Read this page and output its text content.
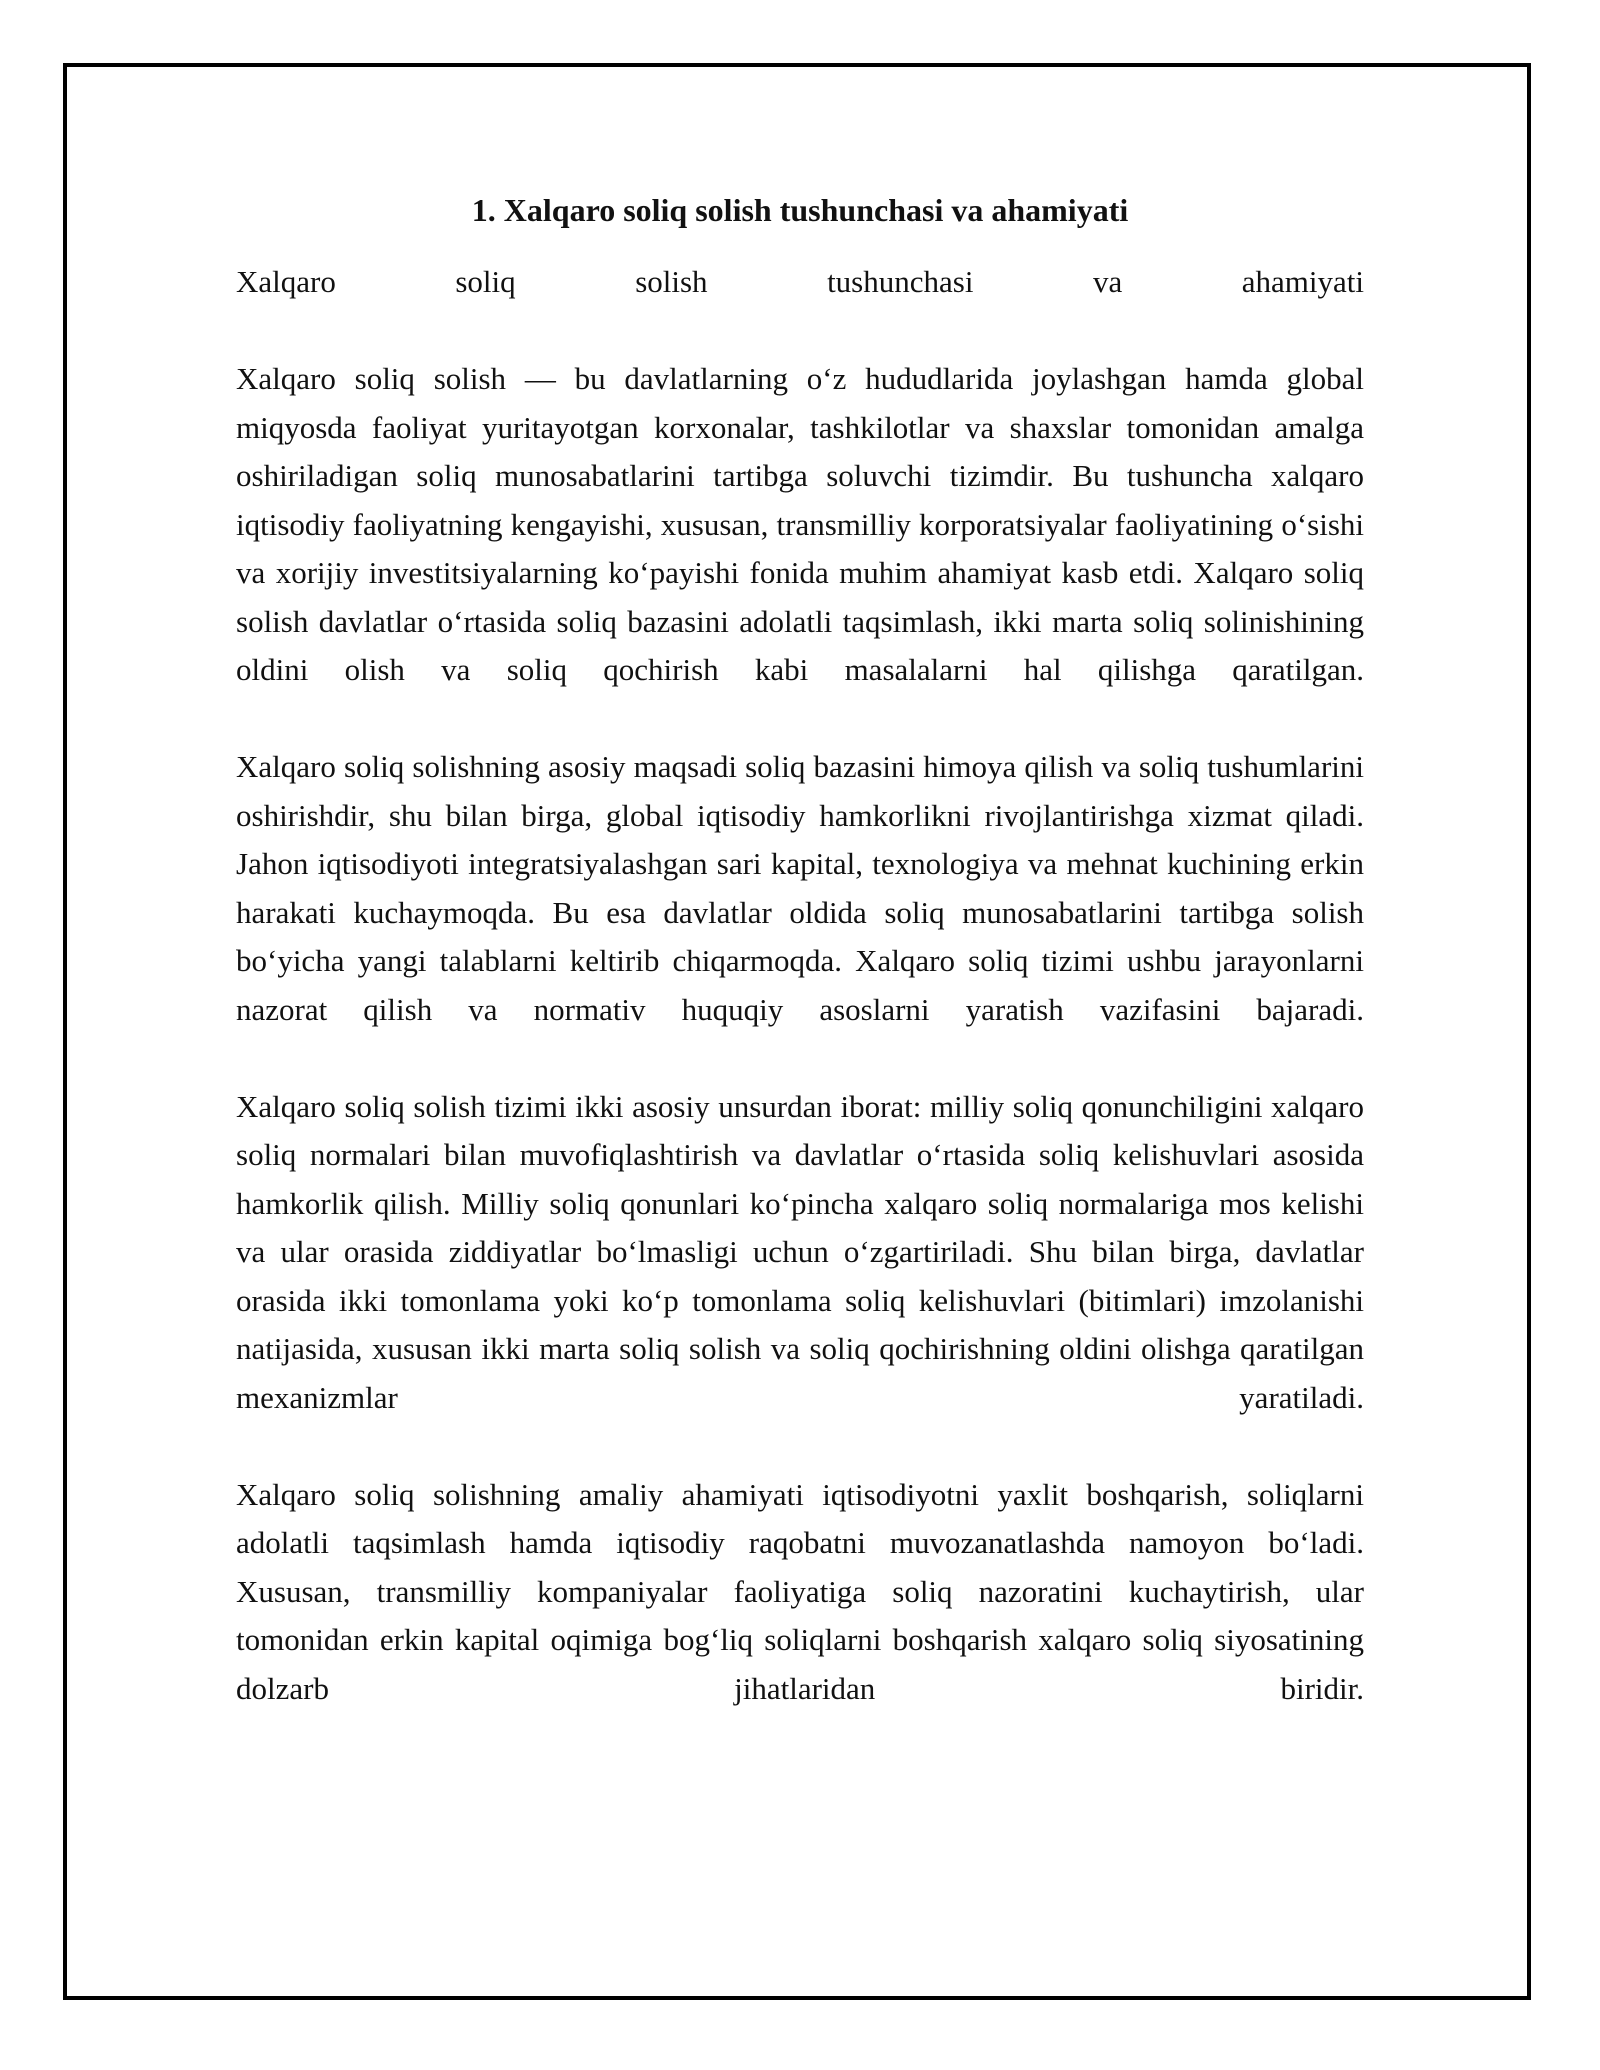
1. Xalqaro soliq solish tushunchasi va ahamiyati

Xalqaro soliq solish tushunchasi va ahamiyati

Xalqaro soliq solish — bu davlatlarning o‘z hududlarida joylashgan hamda global miqyosda faoliyat yuritayotgan korxonalar, tashkilotlar va shaxslar tomonidan amalga oshiriladigan soliq munosabatlarini tartibga soluvchi tizimdir. Bu tushuncha xalqaro iqtisodiy faoliyatning kengayishi, xususan, transmilliy korporatsiyalar faoliyatining o‘sishi va xorijiy investitsiyalarning ko‘payishi fonida muhim ahamiyat kasb etdi. Xalqaro soliq solish davlatlar o‘rtasida soliq bazasini adolatli taqsimlash, ikki marta soliq solinishining oldini olish va soliq qochirish kabi masalalarni hal qilishga qaratilgan.

Xalqaro soliq solishning asosiy maqsadi soliq bazasini himoya qilish va soliq tushumlarini oshirishdir, shu bilan birga, global iqtisodiy hamkorlikni rivojlantirishga xizmat qiladi. Jahon iqtisodiyoti integratsiyalashgan sari kapital, texnologiya va mehnat kuchining erkin harakati kuchaymoqda. Bu esa davlatlar oldida soliq munosabatlarini tartibga solish bo‘yicha yangi talablarni keltirib chiqarmoqda. Xalqaro soliq tizimi ushbu jarayonlarni nazorat qilish va normativ huquqiy asoslarni yaratish vazifasini bajaradi.

Xalqaro soliq solish tizimi ikki asosiy unsurdan iborat: milliy soliq qonunchiligini xalqaro soliq normalari bilan muvofiqlashtirish va davlatlar o‘rtasida soliq kelishuvlari asosida hamkorlik qilish. Milliy soliq qonunlari ko‘pincha xalqaro soliq normalariga mos kelishi va ular orasida ziddiyatlar bo‘lmasligi uchun o‘zgartiriladi. Shu bilan birga, davlatlar orasida ikki tomonlama yoki ko‘p tomonlama soliq kelishuvlari (bitimlari) imzolanishi natijasida, xususan ikki marta soliq solish va soliq qochirishning oldini olishga qaratilgan mexanizmlar yaratiladi.

Xalqaro soliq solishning amaliy ahamiyati iqtisodiyotni yaxlit boshqarish, soliqlarni adolatli taqsimlash hamda iqtisodiy raqobatni muvozanatlashda namoyon bo‘ladi. Xususan, transmilliy kompaniyalar faoliyatiga soliq nazoratini kuchaytirish, ular tomonidan erkin kapital oqimiga bog‘liq soliqlarni boshqarish xalqaro soliq siyosatining dolzarb jihatlaridan biridir.
